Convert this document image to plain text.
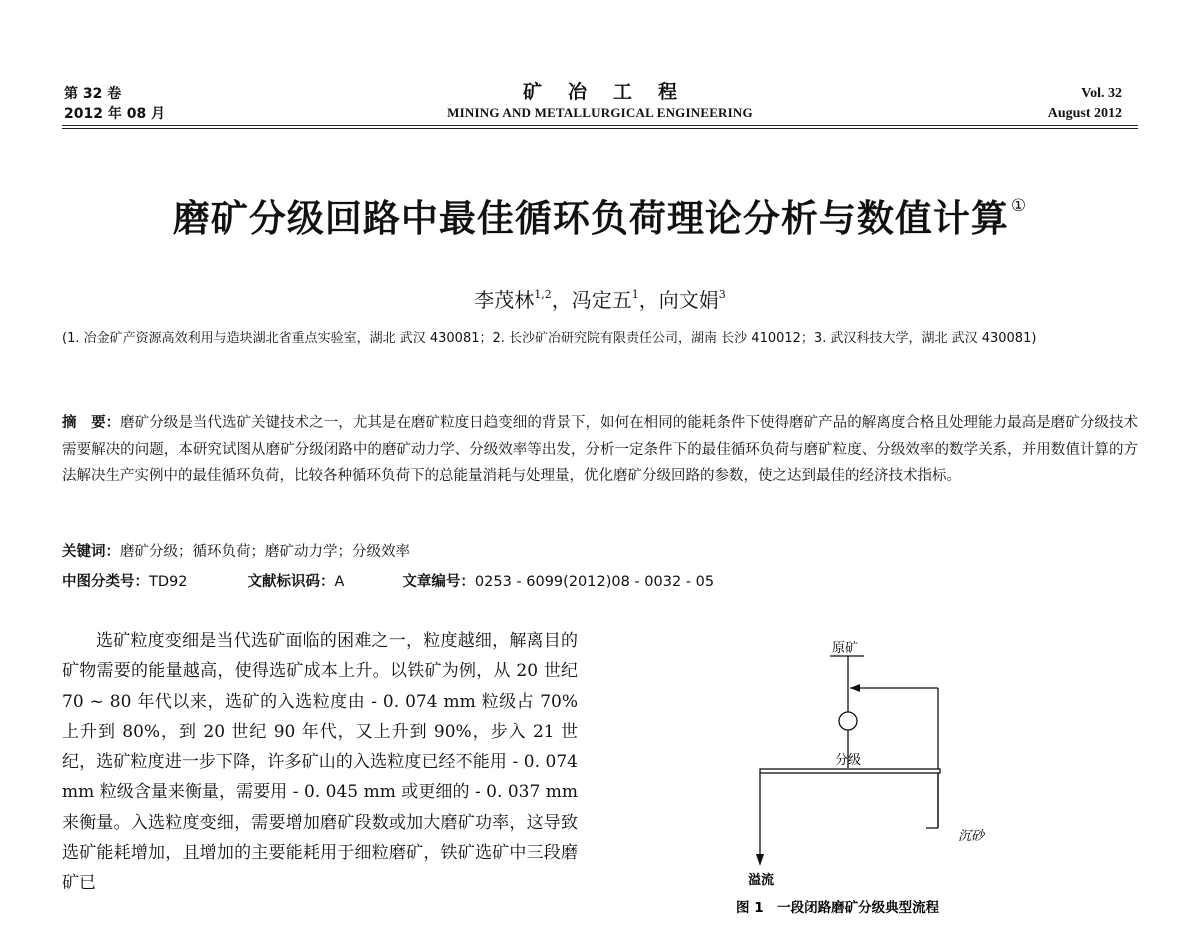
第 32 卷
2012 年 08 月
矿冶工程
MINING AND METALLURGICAL ENGINEERING
Vol. 32
August 2012
磨矿分级回路中最佳循环负荷理论分析与数值计算 ①
李茂林$^{1,2}$，冯定五$^1$，向文娟$^3$
(1. 冶金矿产资源高效利用与造块湖北省重点实验室，湖北 武汉 430081；2. 长沙矿冶研究院有限责任公司，湖南 长沙 410012；3. 武汉科技大学，湖北 武汉 430081)
摘　要：磨矿分级是当代选矿关键技术之一，尤其是在磨矿粒度日趋变细的背景下，如何在相同的能耗条件下使得磨矿产品的解离度合格且处理能力最高是磨矿分级技术需要解决的问题，本研究试图从磨矿分级闭路中的磨矿动力学、分级效率等出发，分析一定条件下的最佳循环负荷与磨矿粒度、分级效率的数学关系，并用数值计算的方法解决生产实例中的最佳循环负荷，比较各种循环负荷下的总能量消耗与处理量，优化磨矿分级回路的参数，使之达到最佳的经济技术指标。
关键词：磨矿分级；循环负荷；磨矿动力学；分级效率
中图分类号：TD92	文献标识码：A	文章编号：0253 - 6099(2012)08 - 0032 - 05

选矿粒度变细是当代选矿面临的困难之一，粒度越细，解离目的矿物需要的能量越高，使得选矿成本上升。以铁矿为例，从 20 世纪 70 ~ 80 年代以来，选矿的入选粒度由 - 0. 074 mm 粒级占 70% 上升到 80%，到 20 世纪 90 年代，又上升到 90%，步入 21 世纪，选矿粒度进一步下降，许多矿山的入选粒度已经不能用 - 0. 074 mm 粒级含量来衡量，需要用 - 0. 045 mm 或更细的 - 0. 037 mm 来衡量。入选粒度变细，需要增加磨矿段数或加大磨矿功率，这导致选矿能耗增加，且增加的主要能耗用于细粒磨矿，铁矿选矿中三段磨矿已

原矿
分级
沉砂
溢流
图 1　一段闭路磨矿分级典型流程
